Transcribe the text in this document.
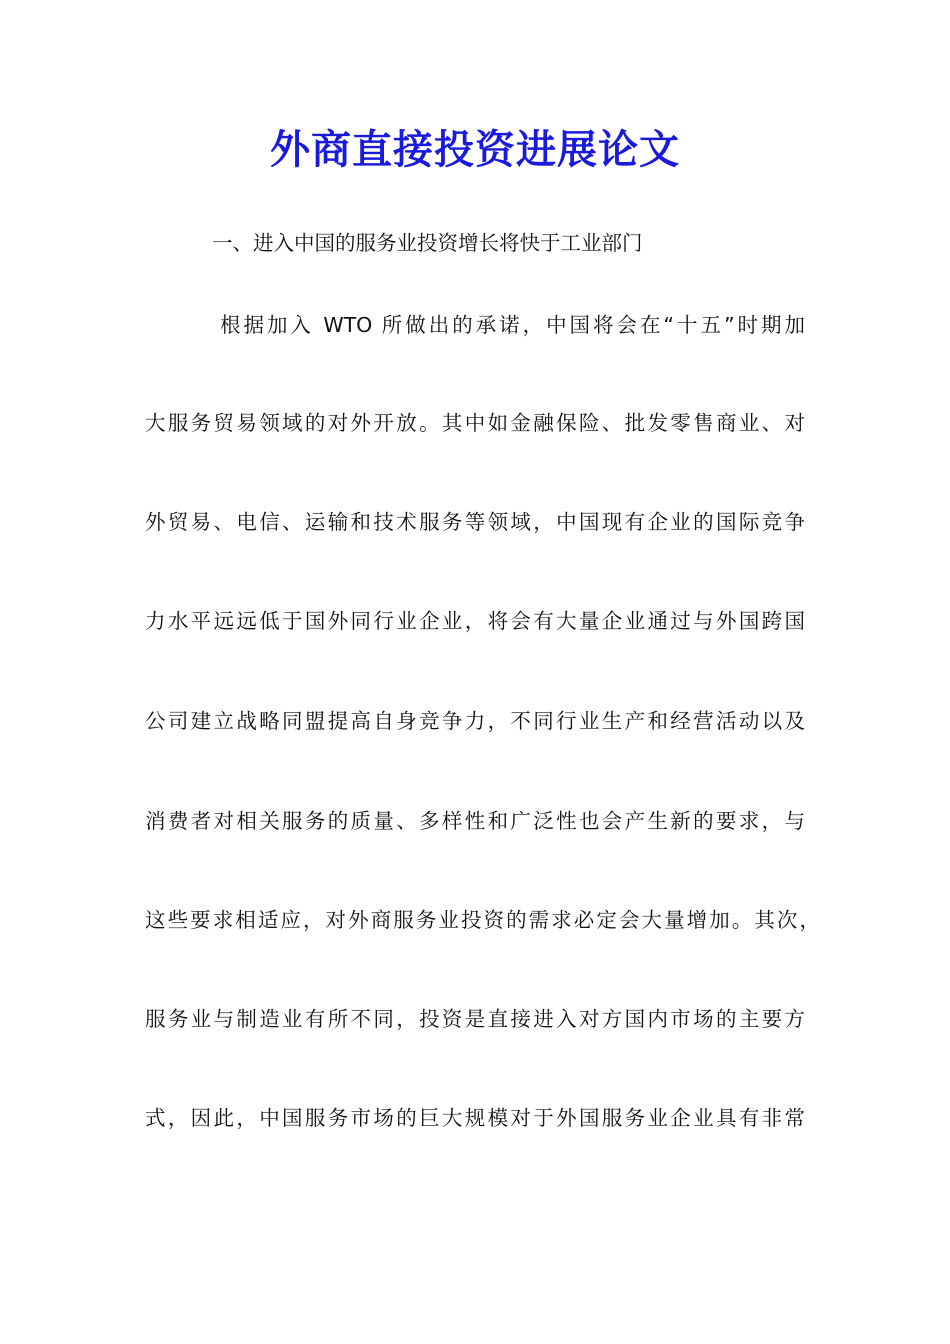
外商直接投资进展论文
一、进入中国的服务业投资增长将快于工业部门
根据加入 WTO 所做出的承诺，中国将会在“十五”时期加
大服务贸易领域的对外开放。其中如金融保险、批发零售商业、对
外贸易、电信、运输和技术服务等领域，中国现有企业的国际竞争
力水平远远低于国外同行业企业，将会有大量企业通过与外国跨国
公司建立战略同盟提高自身竞争力，不同行业生产和经营活动以及
消费者对相关服务的质量、多样性和广泛性也会产生新的要求，与
这些要求相适应，对外商服务业投资的需求必定会大量增加。其次，
服务业与制造业有所不同，投资是直接进入对方国内市场的主要方
式，因此，中国服务市场的巨大规模对于外国服务业企业具有非常
